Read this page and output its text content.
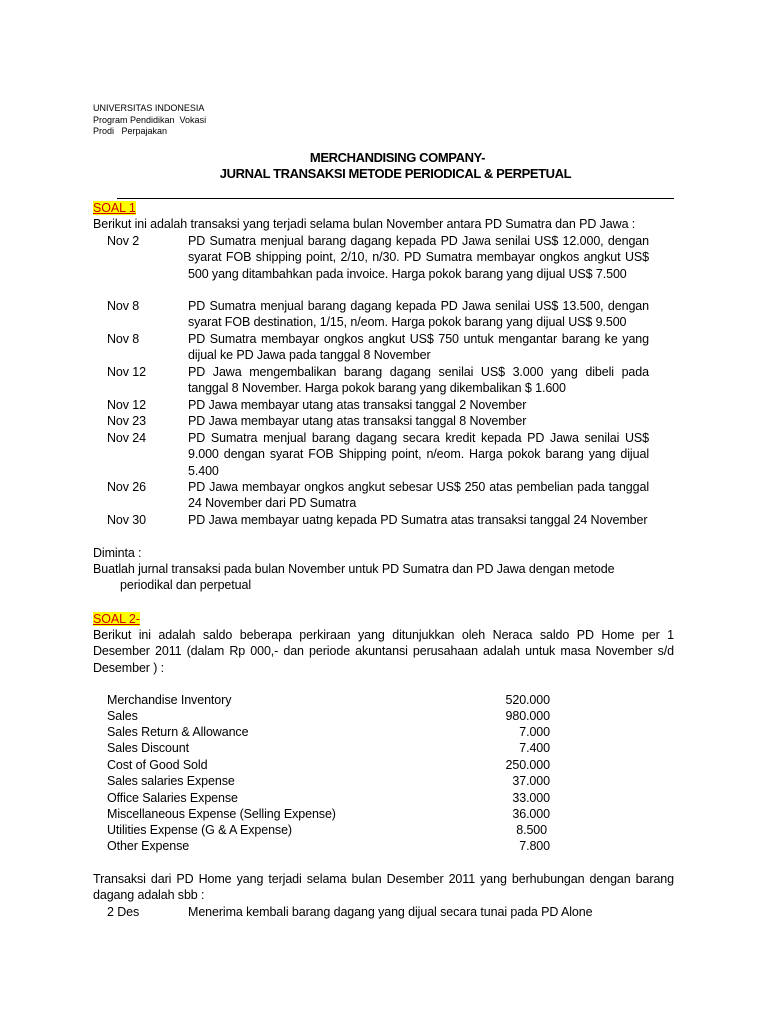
UNIVERSITAS INDONESIA
Program Pendidikan  Vokasi
Prodi   Perpajakan
MERCHANDISING COMPANY-
JURNAL TRANSAKSI METODE PERIODICAL & PERPETUAL
SOAL 1
Berikut ini adalah transaksi yang terjadi selama bulan November antara PD Sumatra dan PD Jawa :
Nov 2	PD Sumatra menjual barang dagang kepada PD Jawa senilai US$ 12.000, dengan syarat FOB shipping point, 2/10, n/30. PD Sumatra membayar ongkos angkut US$ 500 yang ditambahkan pada invoice. Harga pokok barang yang dijual US$ 7.500
Nov 8	PD Sumatra menjual barang dagang kepada PD Jawa senilai US$ 13.500, dengan syarat FOB destination, 1/15, n/eom. Harga pokok barang yang dijual US$ 9.500
Nov 8	PD Sumatra membayar ongkos angkut US$ 750 untuk mengantar barang ke yang dijual ke PD Jawa pada tanggal 8 November
Nov 12	PD Jawa mengembalikan barang dagang senilai US$ 3.000 yang dibeli pada tanggal 8 November. Harga pokok barang yang dikembalikan $ 1.600
Nov 12	PD Jawa membayar utang atas transaksi tanggal 2 November
Nov 23	PD Jawa membayar utang atas transaksi tanggal 8 November
Nov 24	PD Sumatra menjual barang dagang secara kredit kepada PD Jawa senilai US$ 9.000 dengan syarat FOB Shipping point, n/eom. Harga pokok barang yang dijual 5.400
Nov 26	PD Jawa membayar ongkos angkut sebesar US$ 250 atas pembelian pada tanggal 24 November dari PD Sumatra
Nov 30	PD Jawa membayar uatng kepada PD Sumatra atas transaksi tanggal 24 November
Diminta :
Buatlah jurnal transaksi pada bulan November untuk PD Sumatra dan PD Jawa dengan metode
periodikal dan perpetual
SOAL 2-
Berikut ini adalah saldo beberapa perkiraan yang ditunjukkan oleh Neraca saldo PD Home per 1 Desember 2011 (dalam Rp 000,- dan periode akuntansi perusahaan adalah untuk masa November s/d Desember ) :
Merchandise Inventory	520.000
Sales	980.000
Sales Return & Allowance	7.000
Sales Discount	7.400
Cost of Good Sold	250.000
Sales salaries Expense	37.000
Office Salaries Expense	33.000
Miscellaneous Expense (Selling Expense)	36.000
Utilities Expense (G & A Expense)	8.500
Other Expense	7.800
Transaksi dari PD Home yang terjadi selama bulan Desember 2011 yang berhubungan dengan barang dagang adalah sbb :
2 Des	Menerima kembali barang dagang yang dijual secara tunai pada PD Alone
